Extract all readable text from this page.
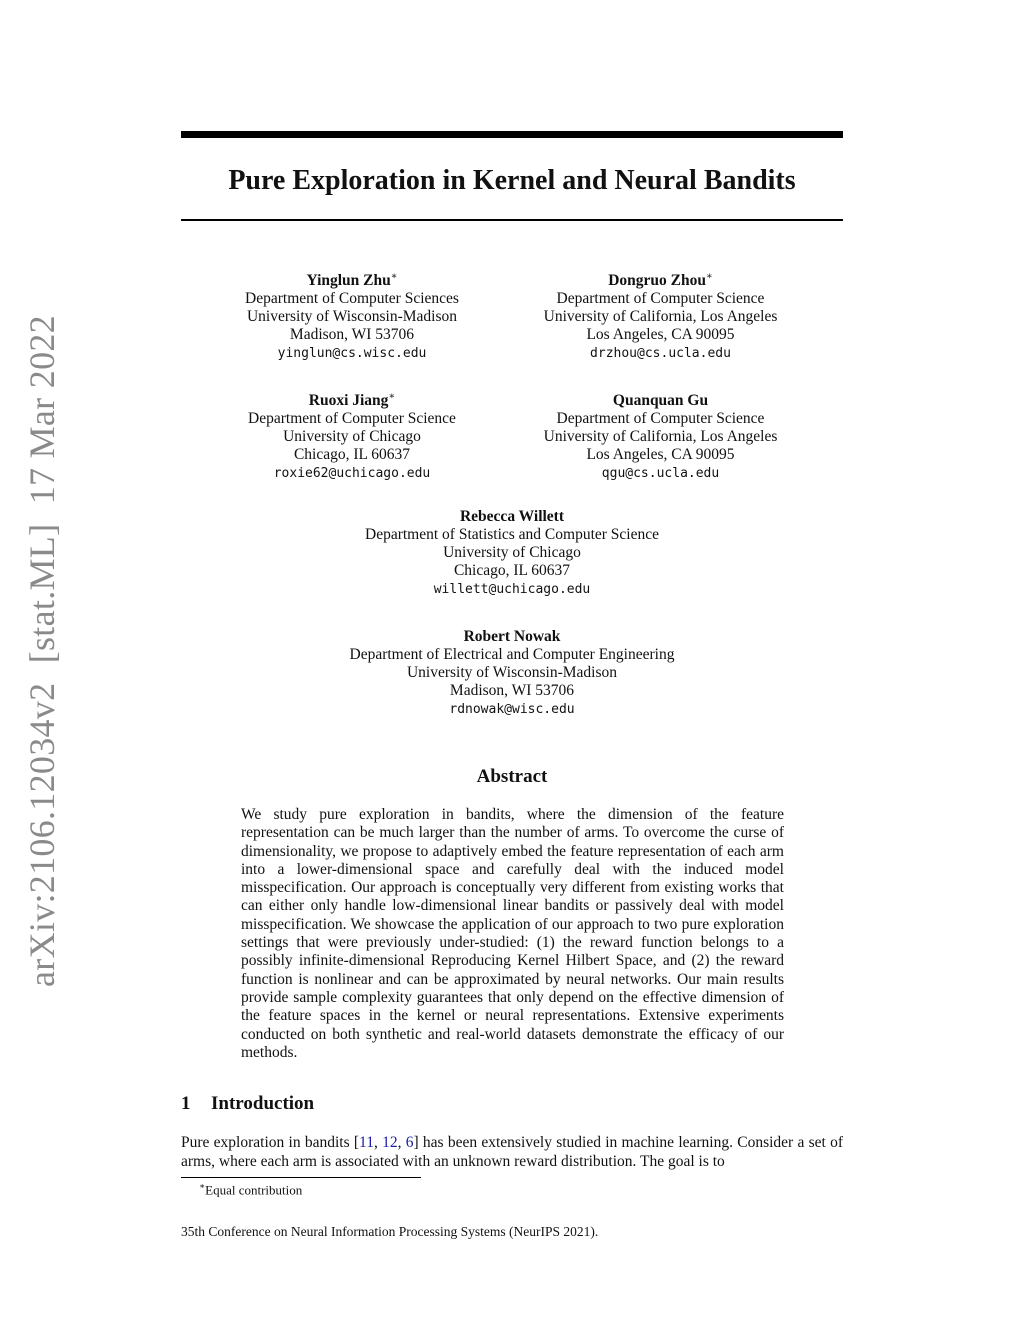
arXiv:2106.12034v2 [stat.ML] 17 Mar 2022
Pure Exploration in Kernel and Neural Bandits
Yinglun Zhu∗
Department of Computer Sciences
University of Wisconsin-Madison
Madison, WI 53706
yinglun@cs.wisc.edu
Dongruo Zhou∗
Department of Computer Science
University of California, Los Angeles
Los Angeles, CA 90095
drzhou@cs.ucla.edu
Ruoxi Jiang∗
Department of Computer Science
University of Chicago
Chicago, IL 60637
roxie62@uchicago.edu
Quanquan Gu
Department of Computer Science
University of California, Los Angeles
Los Angeles, CA 90095
qgu@cs.ucla.edu
Rebecca Willett
Department of Statistics and Computer Science
University of Chicago
Chicago, IL 60637
willett@uchicago.edu
Robert Nowak
Department of Electrical and Computer Engineering
University of Wisconsin-Madison
Madison, WI 53706
rdnowak@wisc.edu
Abstract
We study pure exploration in bandits, where the dimension of the feature representation can be much larger than the number of arms. To overcome the curse of dimensionality, we propose to adaptively embed the feature representation of each arm into a lower-dimensional space and carefully deal with the induced model misspecification. Our approach is conceptually very different from existing works that can either only handle low-dimensional linear bandits or passively deal with model misspecification. We showcase the application of our approach to two pure exploration settings that were previously under-studied: (1) the reward function belongs to a possibly infinite-dimensional Reproducing Kernel Hilbert Space, and (2) the reward function is nonlinear and can be approximated by neural networks. Our main results provide sample complexity guarantees that only depend on the effective dimension of the feature spaces in the kernel or neural representations. Extensive experiments conducted on both synthetic and real-world datasets demonstrate the efficacy of our methods.
1 Introduction
Pure exploration in bandits [11, 12, 6] has been extensively studied in machine learning. Consider a set of arms, where each arm is associated with an unknown reward distribution. The goal is to
∗Equal contribution
35th Conference on Neural Information Processing Systems (NeurIPS 2021).
